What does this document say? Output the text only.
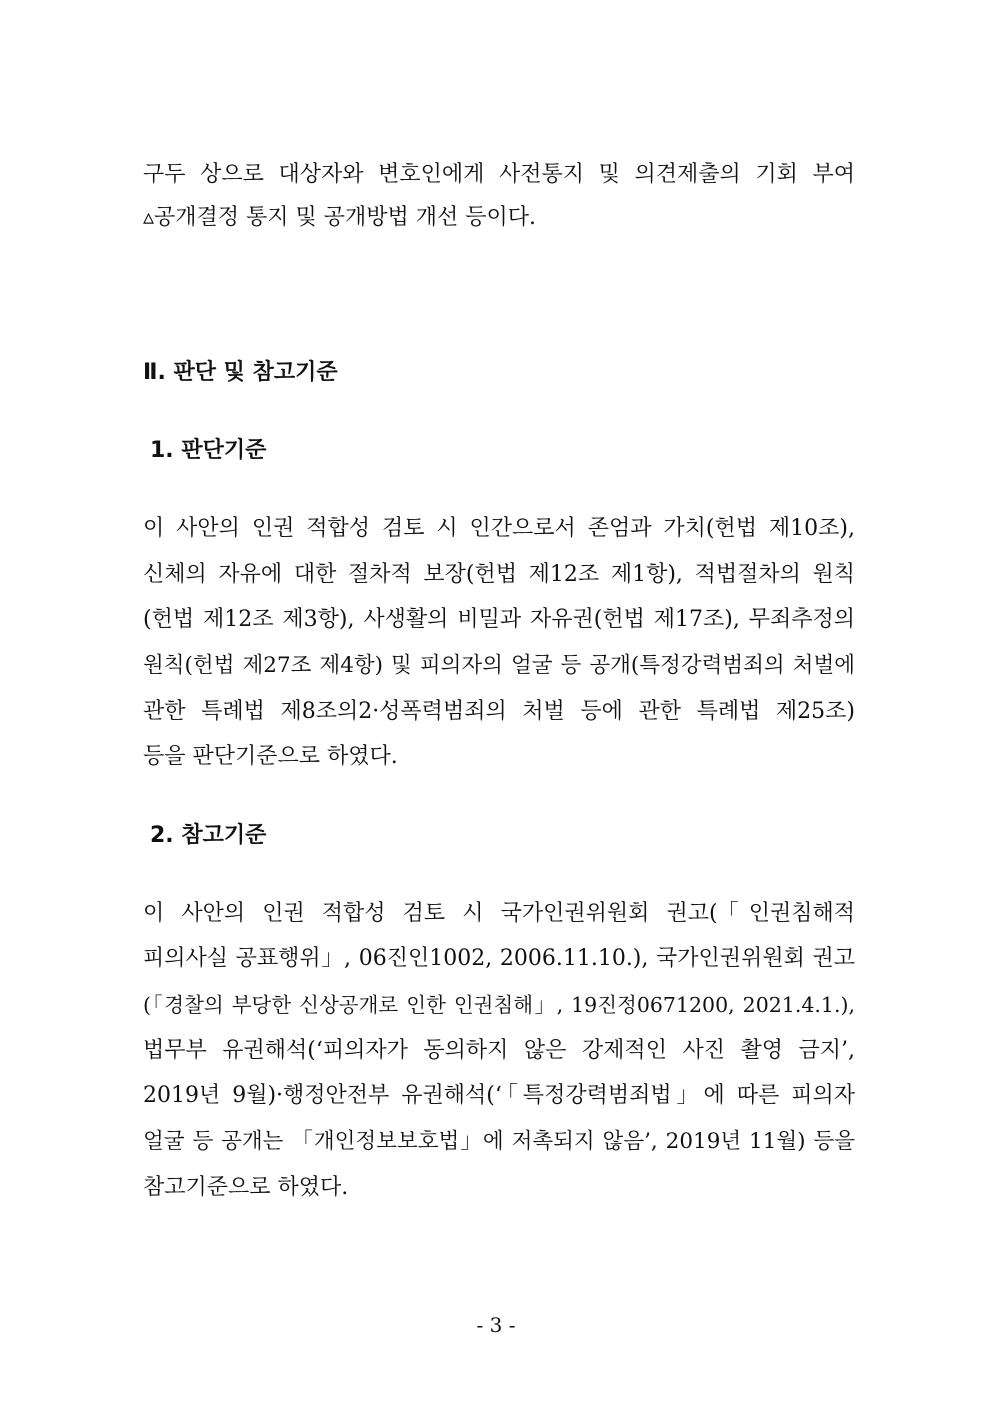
구두 상으로 대상자와 변호인에게 사전통지 및 의견제출의 기회 부여
▵공개결정 통지 및 공개방법 개선 등이다.
Ⅱ. 판단 및 참고기준
1. 판단기준
이 사안의 인권 적합성 검토 시 인간으로서 존엄과 가치(헌법 제10조),
신체의 자유에 대한 절차적 보장(헌법 제12조 제1항), 적법절차의 원칙
(헌법 제12조 제3항), 사생활의 비밀과 자유권(헌법 제17조), 무죄추정의
원칙(헌법 제27조 제4항) 및 피의자의 얼굴 등 공개(특정강력범죄의 처벌에
관한 특례법 제8조의2·성폭력범죄의 처벌 등에 관한 특례법 제25조)
등을 판단기준으로 하였다.
2. 참고기준
이 사안의 인권 적합성 검토 시 국가인권위원회 권고(「인권침해적
피의사실 공표행위」, 06진인1002, 2006.11.10.), 국가인권위원회 권고
(「경찰의 부당한 신상공개로 인한 인권침해」, 19진정0671200, 2021.4.1.),
법무부 유권해석(‘피의자가 동의하지 않은 강제적인 사진 촬영 금지’,
2019년 9월)·행정안전부 유권해석(‘「특정강력범죄법」에 따른 피의자
얼굴 등 공개는 「개인정보보호법」에 저촉되지 않음’, 2019년 11월) 등을
참고기준으로 하였다.
- 3 -
